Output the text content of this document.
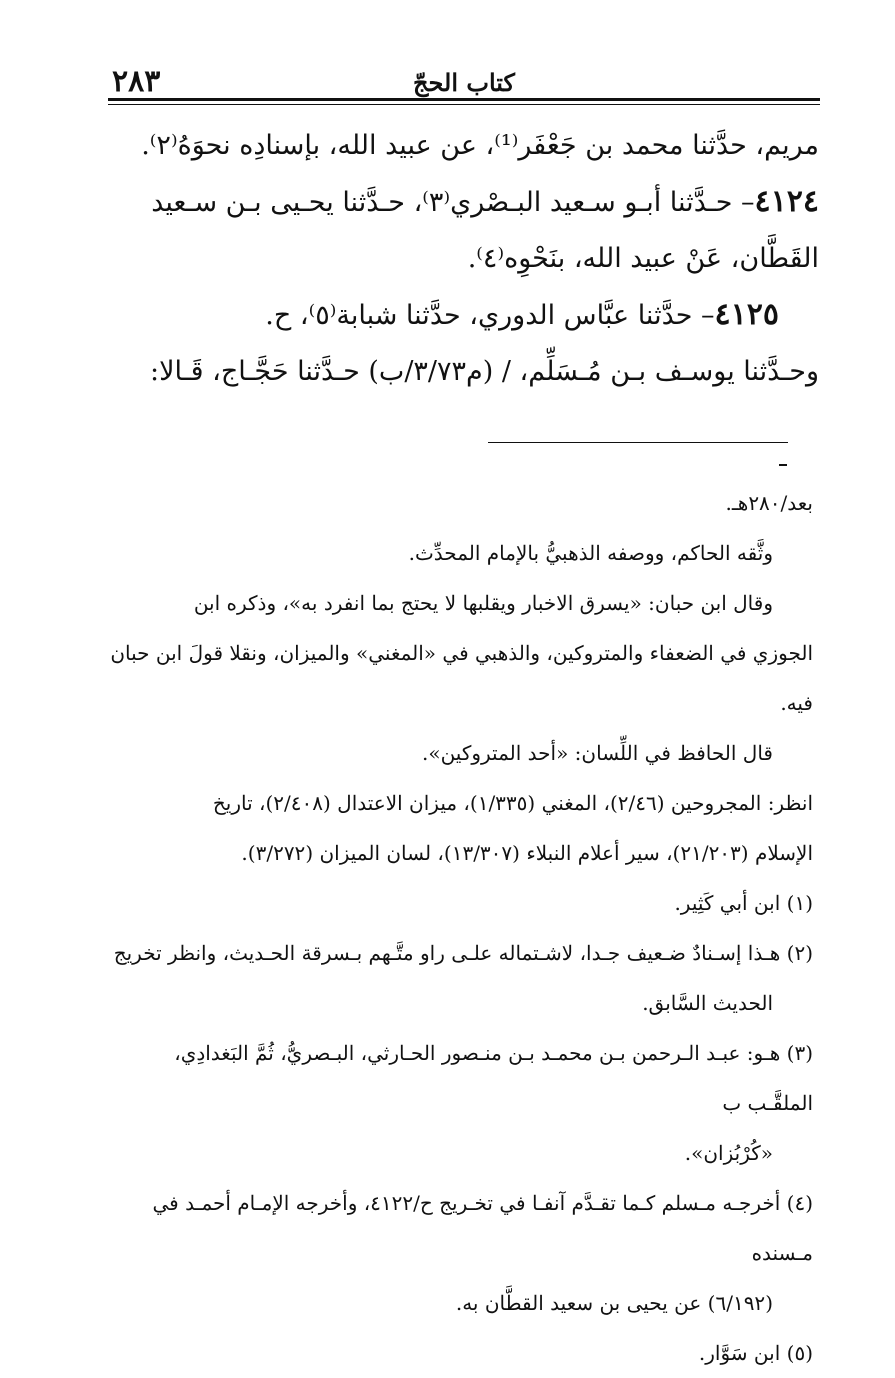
٢٨٣	كتاب الحجّ

مريم، حدَّثنا محمد بن جَعْفَر⁽¹⁾، عن عبيد الله، بإسنادِه نحوَهُ⁽٢⁾.

٤١٢٤– حـدَّثنا أبـو سـعيد البـصْري⁽٣⁾، حـدَّثنا يحـيى بـن سـعيد

القَطَّان، عَنْ عبيد الله، بنَحْوِه⁽٤⁾.

٤١٢٥– حدَّثنا عبَّاس الدوري، حدَّثنا شبابة⁽٥⁾، ح.

وحـدَّثنا يوسـف بـن مُـسَلِّم، / (م٣/٧٣/ب) حـدَّثنا حَجَّـاج، قَـالا:

بعد/٢٨٠هـ.

وثَّقه الحاكم، ووصفه الذهبيُّ بالإمام المحدِّث.

وقال ابن حبان: «يسرق الاخبار ويقلبها لا يحتج بما انفرد به»، وذكره ابن

الجوزي في الضعفاء والمتروكين، والذهبي في «المغني» والميزان، ونقلا قولَ ابن حبان فيه.

قال الحافظ في اللِّسان: «أحد المتروكين».

انظر: المجروحين (٢/٤٦)، المغني (١/٣٣٥)، ميزان الاعتدال (٢/٤٠٨)، تاريخ

الإسلام (٢١/٢٠٣)، سير أعلام النبلاء (١٣/٣٠٧)، لسان الميزان (٣/٢٧٢).

(١) ابن أبي كَثِير.

(٢) هـذا إسـنادٌ ضـعيف جـدا، لاشـتماله علـى راو متَّـهم بـسرقة الحـديث، وانظر تخريج

الحديث السَّابق.

(٣) هـو: عبـد الـرحمن بـن محمـد بـن منـصور الحـارثي، البـصريُّ، ثُمَّ البَغدادِي، الملقَّـب ب

«كُرْبُزان».

(٤) أخرجـه مـسلم كـما تقـدَّم آنفـا في تخـريج ح/٤١٢٢، وأخرجه الإمـام أحمـد في مـسنده

(٦/١٩٢) عن يحيى بن سعيد القطَّان به.

(٥) ابن سَوَّار.
